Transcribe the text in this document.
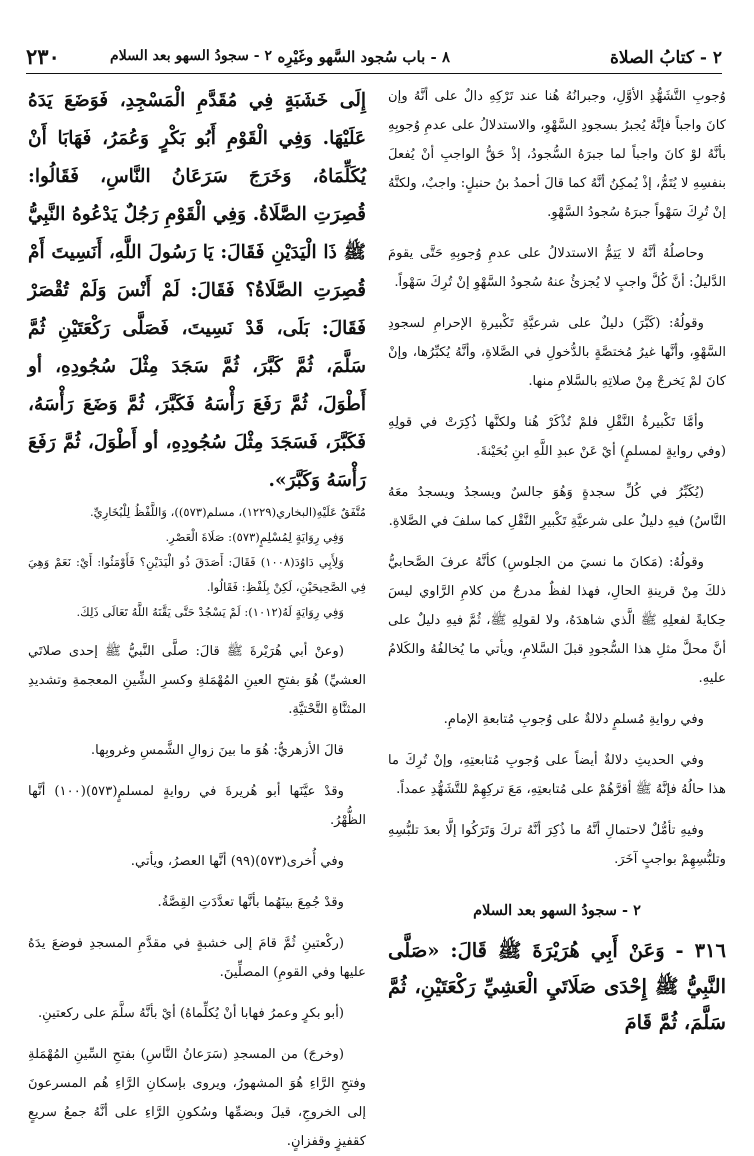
٢ - كتابُ الصلاة
٨ - باب سُجود السَّهو وغَيْرِه
٢ - سجودُ السهو بعد السلام
٢٣٠

وُجوبِ التَّشَهُّدِ الأوَّلِ، وجبرانُهُ هُنا عند تَرْكِهِ دالٌ على أنَّهُ وإن كانَ واجباً فإنَّهُ يُجبرُ بسجودِ السَّهْوِ، والاستدلالُ على عدمِ وُجوبِهِ بأنَّهُ لوْ كانَ واجباً لما جبرَهُ السُّجودُ، إذْ حَقُّ الواجبِ أنْ يُفعلَ بنفسِهِ لا يُتَمُّ، إذْ يُمكِنُ أنَّهُ كما قالَ أحمدُ بنُ حنبلٍ: واجبٌ، ولكنَّهُ إنْ تُرِكَ سَهْواً جبرَهُ سُجودُ السَّهْوِ.

وحاصلُهُ أنَّهُ لا يَتِمُّ الاستدلالُ على عدمِ وُجوبِهِ حَتَّى يقومَ الدَّليلُ: أنَّ كُلَّ واجبٍ لا يُجزئُ عنهُ سُجودُ السَّهْوِ إنْ تُرِكَ سَهْواً.

وقولُهُ: (كَبَّرَ) دليلٌ على شرعيَّةِ تَكْبيرةِ الإحرامِ لسجودِ السَّهْوِ، وأنَّها غيرُ مُختصَّةٍ بالدُّخولِ في الصَّلاةِ، وأنَّهُ يُكبِّرُها، وإنْ كانَ لمْ يَخرجْ مِنْ صلاتِهِ بالسَّلامِ منها.

وأمَّا تَكْبيرةُ النَّقْلِ فلمْ تُذْكَرْ هُنا ولكنَّها ذُكِرَتْ في قولِهِ (وفي روايةٍ لمسلمٍ) أيْ عَنْ عبدِ اللَّهِ ابنِ بُحَيْنةَ.

(يُكَبِّرُ في كُلِّ سجدةٍ وَهُوَ جالسٌ ويسجدُ ويسجدُ معَهُ النَّاسُ) فيهِ دليلٌ على شرعيَّةِ تَكْبيرِ النَّقْلِ كما سلفَ في الصَّلاةِ.

وقولُهُ: (مَكانَ ما نسيَ من الجلوسِ) كأنَّهُ عرفَ الصَّحابيُّ ذلكَ مِنْ قرينةِ الحالِ، فهذا لفظٌ مدرجٌ من كلامِ الرَّاوي ليسَ حِكايةً لفعلِهِ ﷺ الَّذي شاهدَهُ، ولا لقولِهِ ﷺ، ثُمَّ فيهِ دليلٌ على أنَّ محلَّ مثلِ هذا السُّجودِ قبلَ السَّلامِ، ويأتي ما يُخالفُهُ والكَلامُ عليهِ.

وفي روايةِ مُسلمٍ دلالةٌ على وُجوبِ مُتابعةِ الإمامِ.

وفي الحديثِ دلالةٌ أيضاً على وُجوبِ مُتابعتِهِ، وإنْ تُرِكَ ما هذا حالُهُ فإنَّهُ ﷺ أقرَّهُمْ على مُتابعتِهِ، مَعَ تركِهِمْ للتَّشَهُّدِ عمداً.

وفيهِ تأمُّلٌ لاحتمالِ أنَّهُ ما ذُكِرَ أنَّهُ تركَ وَتَرَكُوا إلَّا بعدَ تلبُّسِهِ وتلبُّسِهِمْ بواجبٍ آخَرَ.

٢ - سجودُ السهو بعد السلام

٣١٦ - وَعَنْ أَبِي هُرَيْرَةَ ﷺ قَالَ: «صَلَّى النَّبِيُّ ﷺ إِحْدَى صَلَاتَيِ الْعَشِيِّ رَكْعَتَيْنِ، ثُمَّ سَلَّمَ، ثُمَّ قَامَ

إِلَى خَشَبَةٍ فِي مُقَدَّمِ الْمَسْجِدِ، فَوَضَعَ يَدَهُ عَلَيْهَا. وَفِي الْقَوْمِ أَبُو بَكْرٍ وَعُمَرُ، فَهَابَا أَنْ يُكَلِّمَاهُ، وَخَرَجَ سَرَعَانُ النَّاسِ، فَقَالُوا: قُصِرَتِ الصَّلَاةُ. وَفِي الْقَوْمِ رَجُلٌ يَدْعُوهُ النَّبِيُّ ﷺ ذَا الْيَدَيْنِ فَقَالَ: يَا رَسُولَ اللَّهِ، أَنَسِيتَ أَمْ قُصِرَتِ الصَّلَاةُ؟ فَقَالَ: لَمْ أَنْسَ وَلَمْ تُقْصَرْ فَقَالَ: بَلَى، قَدْ نَسِيتَ، فَصَلَّى رَكْعَتَيْنِ ثُمَّ سَلَّمَ، ثُمَّ كَبَّرَ، ثُمَّ سَجَدَ مِثْلَ سُجُودِهِ، أو أَطْوَلَ، ثُمَّ رَفَعَ رَأْسَهُ فَكَبَّرَ، ثُمَّ وَضَعَ رَأْسَهُ، فَكَبَّرَ، فَسَجَدَ مِثْلَ سُجُودِهِ، أو أَطْوَلَ، ثُمَّ رَفَعَ رَأْسَهُ وَكَبَّرَ».

مُتَّفَقٌ عَلَيْهِ(البخاري(١٢٢٩)، مسلم(٥٧٣))، وَاللَّفْظُ لِلْبُخَارِيِّ.

وَفِي رِوَايَةٍ لِمُسْلِمٍ(٥٧٣): صَلَاةَ الْعَصْرِ.

وَلِأَبِي دَاوُدَ(١٠٠٨) فَقَالَ: أَصَدَقَ ذُو الْيَدَيْنِ؟ فَأَوْمَئُوا: أَيْ: نَعَمْ وَهِيَ فِي الصَّحِيحَيْنِ، لَكِنْ بِلَفْظِ: فَقَالُوا.

وَفِي رِوَايَةٍ لَهُ(١٠١٢): لَمْ يَسْجُدْ حَتَّى يَقَّنَهُ اللَّهُ تَعَالَى ذَلِكَ.

(وعنْ أبي هُرَيْرةَ ﷺ قالَ: صلَّى النَّبيُّ ﷺ إحدى صلاتَي العشيِّ) هُوَ بفتحِ العينِ المُهْمَلةِ وكسرِ الشِّينِ المعجمةِ وتشديدِ المثنَّاةِ التَّحْتيَّةِ.

قالَ الأزهريُّ: هُوَ ما بينَ زوالِ الشَّمسِ وغروبِها.

وقدْ عيَّنَها أبو هُريرةَ في روايةٍ لمسلمٍ(٥٧٣)(١٠٠) أنَّها الظُّهْرُ.

وفي أُخرى(٥٧٣)(٩٩) أنَّها العصرُ، ويأتي.

وقدْ جُمِعَ بينَهُما بأنَّها تعدَّدَتِ القِصَّةُ.

(ركْعتينِ ثُمَّ قامَ إلى خشبةٍ في مقدَّمِ المسجدِ فوضعَ يدَهُ عليها وفي القومِ) المصلِّينَ.

(أبو بكرٍ وعمرُ فهابا أنْ يُكلِّماهُ) أيْ بأنَّهُ سلَّمَ على ركعتينِ.

(وخرجَ) من المسجدِ (سَرَعانُ النَّاسِ) بفتحِ السِّينِ المُهْمَلةِ وفتحِ الرَّاءِ هُوَ المشهورُ، ويروى بإسكانِ الرَّاءِ هُم المسرعونَ إلى الخروجِ، قيلَ وبضمِّها وسُكونِ الرَّاءِ على أنَّهُ جمعُ سريعٍ كقفيزٍ وقفزانٍ.
